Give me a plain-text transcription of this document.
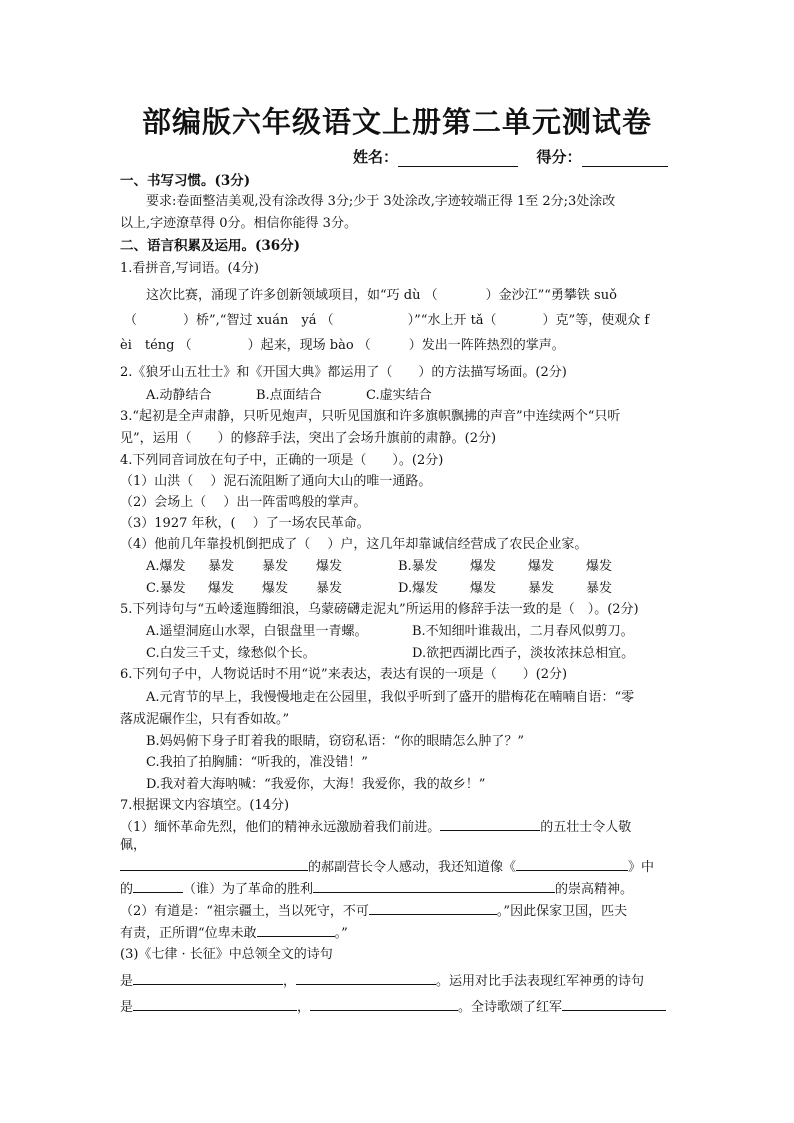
部编版六年级语文上册第二单元测试卷
姓名：	得分：
一、书写习惯。(3分)
要求:卷面整洁美观,没有涂改得 3分;少于 3处涂改,字迹较端正得 1至 2分;3处涂改
以上,字迹潦草得 0分。相信你能得 3分。
二、语言积累及运用。(36分)
1.看拼音,写词语。(4分)
这次比赛，涌现了许多创新领域项目，如“巧 dù （	）金沙江”“勇攀铁 suǒ
（	）桥”,“智过 xuán　yá （	）”“水上开 tǎ（	）克”等，使观众 f
èi　téng （	）起来，现场 bào （	）发出一阵阵热烈的掌声。
2.《狼牙山五壮士》和《开国大典》都运用了（　　）的方法描写场面。(2分)
A.动静结合	B.点面结合	C.虚实结合
3.“起初是全声肃静，只听见炮声，只听见国旗和许多旗帜飘拂的声音”中连续两个“只听
见”，运用（　　）的修辞手法，突出了会场升旗前的肃静。(2分)
4.下列同音词放在句子中，正确的一项是（　　）。(2分)
（1）山洪（　 ）泥石流阻断了通向大山的唯一通路。
（2）会场上（　 ）出一阵雷鸣般的掌声。
（3）1927 年秋，(　 ）了一场农民革命。
（4）他前几年靠投机倒把成了（　 ）户，这几年却靠诚信经营成了农民企业家。
A.爆发 暴发 暴发 爆发	B.暴发 爆发 爆发 爆发
C.暴发 爆发 爆发 暴发	D.爆发 爆发 暴发 暴发
5.下列诗句与“五岭逶迤腾细浪，乌蒙磅礴走泥丸”所运用的修辞手法一致的是（　）。(2分)
A.遥望洞庭山水翠，白银盘里一青螺。	B.不知细叶谁裁出，二月春风似剪刀。
C.白发三千丈，缘愁似个长。	D.欲把西湖比西子，淡妆浓抹总相宜。
6.下列句子中，人物说话时不用“说”来表达，表达有误的一项是（　　）(2分)
A.元宵节的早上，我慢慢地走在公园里，我似乎听到了盛开的腊梅花在喃喃自语：“零
落成泥碾作尘，只有香如故。”
B.妈妈俯下身子盯着我的眼睛，窃窃私语：“你的眼睛怎么肿了？”
C.我拍了拍胸脯：“听我的，准没错！”
D.我对着大海呐喊：“我爱你，大海！我爱你，我的故乡！”
7.根据课文内容填空。(14分)
（1）缅怀革命先烈，他们的精神永远激励着我们前进。	的五壮士令人敬
佩，
的郝副营长令人感动，我还知道像《	》中
的	（谁）为了革命的胜利	的崇高精神。
（2）有道是：“祖宗疆土，当以死守，不可	。”因此保家卫国，匹夫
有责，正所谓“位卑未敢	。”
(3)《七律 · 长征》中总领全文的诗句
是	，	。运用对比手法表现红军神勇的诗句
是	，	。全诗歌颂了红军
